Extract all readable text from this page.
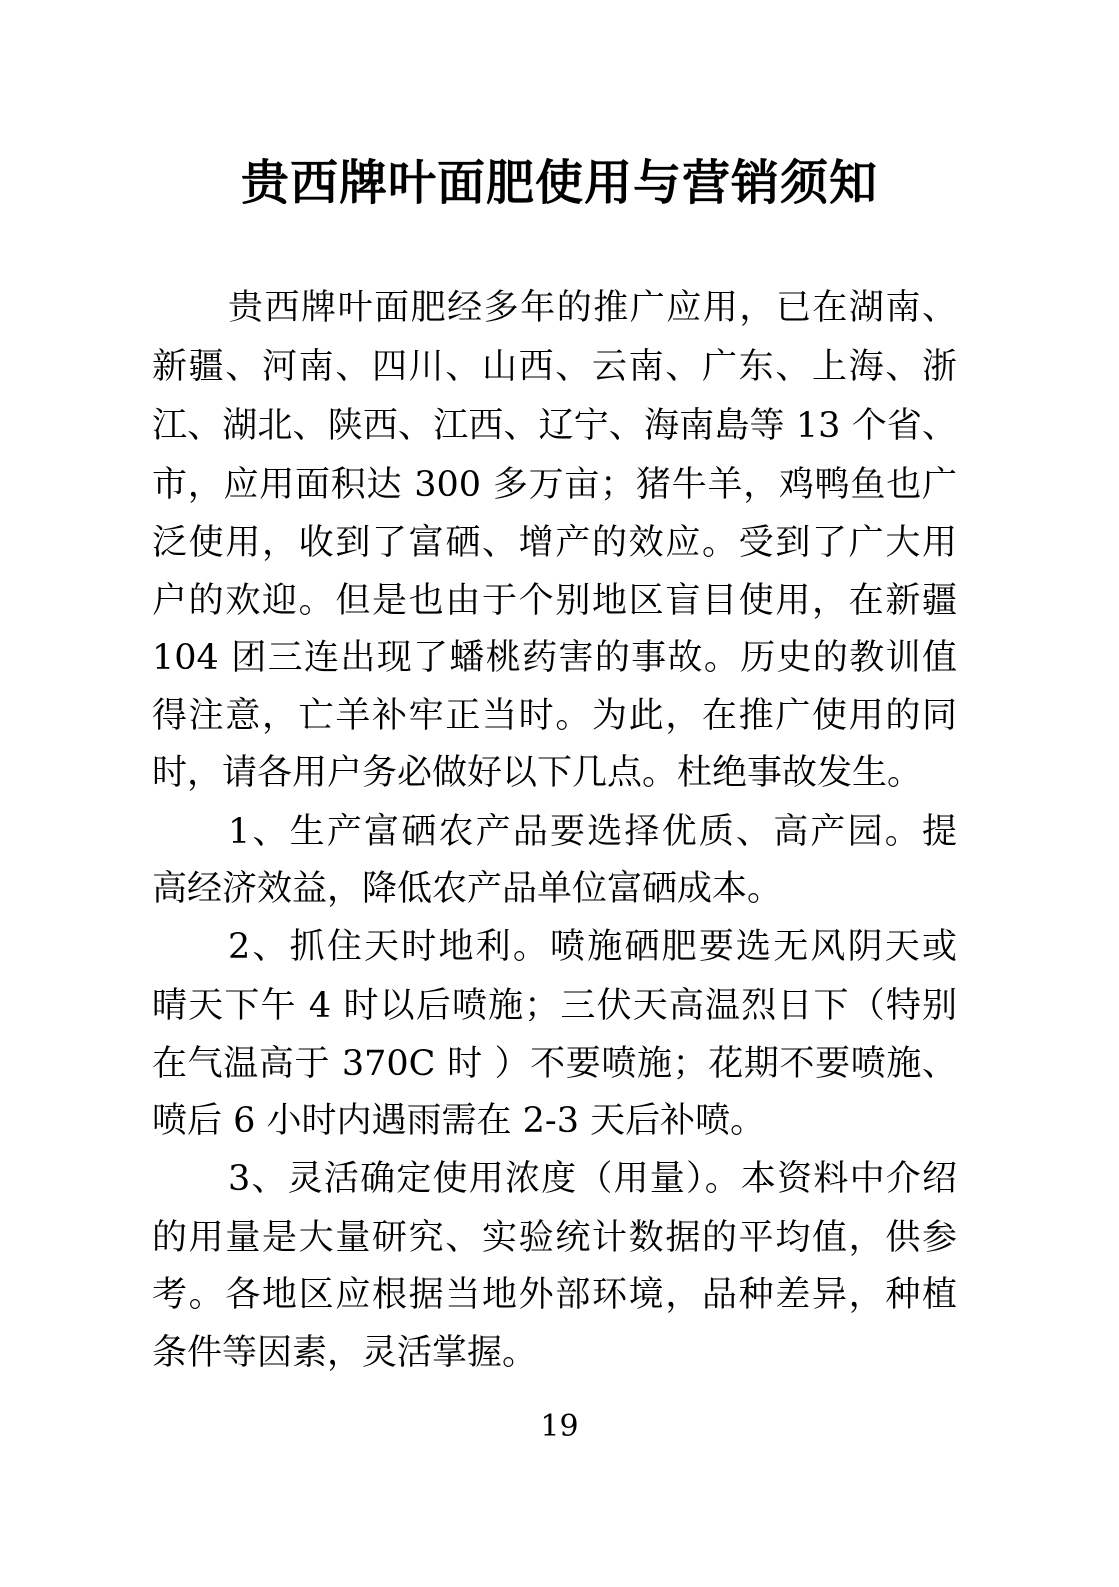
贵西牌叶面肥使用与营销须知
贵西牌叶面肥经多年的推广应用，已在湖南、
新疆、河南、四川、山西、云南、广东、上海、浙
江、湖北、陕西、江西、辽宁、海南島等 13 个省、
市，应用面积达 300 多万亩；猪牛羊，鸡鸭鱼也广
泛使用，收到了富硒、增产的效应。受到了广大用
户的欢迎。但是也由于个别地区盲目使用，在新疆
104 团三连出现了蟠桃药害的事故。历史的教训值
得注意，亡羊补牢正当时。为此，在推广使用的同
时，请各用户务必做好以下几点。杜绝事故发生。
1、生产富硒农产品要选择优质、高产园。提
高经济效益，降低农产品单位富硒成本。
2、抓住天时地利。喷施硒肥要选无风阴天或
晴天下午 4 时以后喷施；三伏天高温烈日下（特别
在气温高于 370C 时 ）不要喷施；花期不要喷施、
喷后 6 小时内遇雨需在 2-3 天后补喷。
3、灵活确定使用浓度（用量）。本资料中介绍
的用量是大量研究、实验统计数据的平均值，供参
考。各地区应根据当地外部环境，品种差异，种植
条件等因素，灵活掌握。
19
